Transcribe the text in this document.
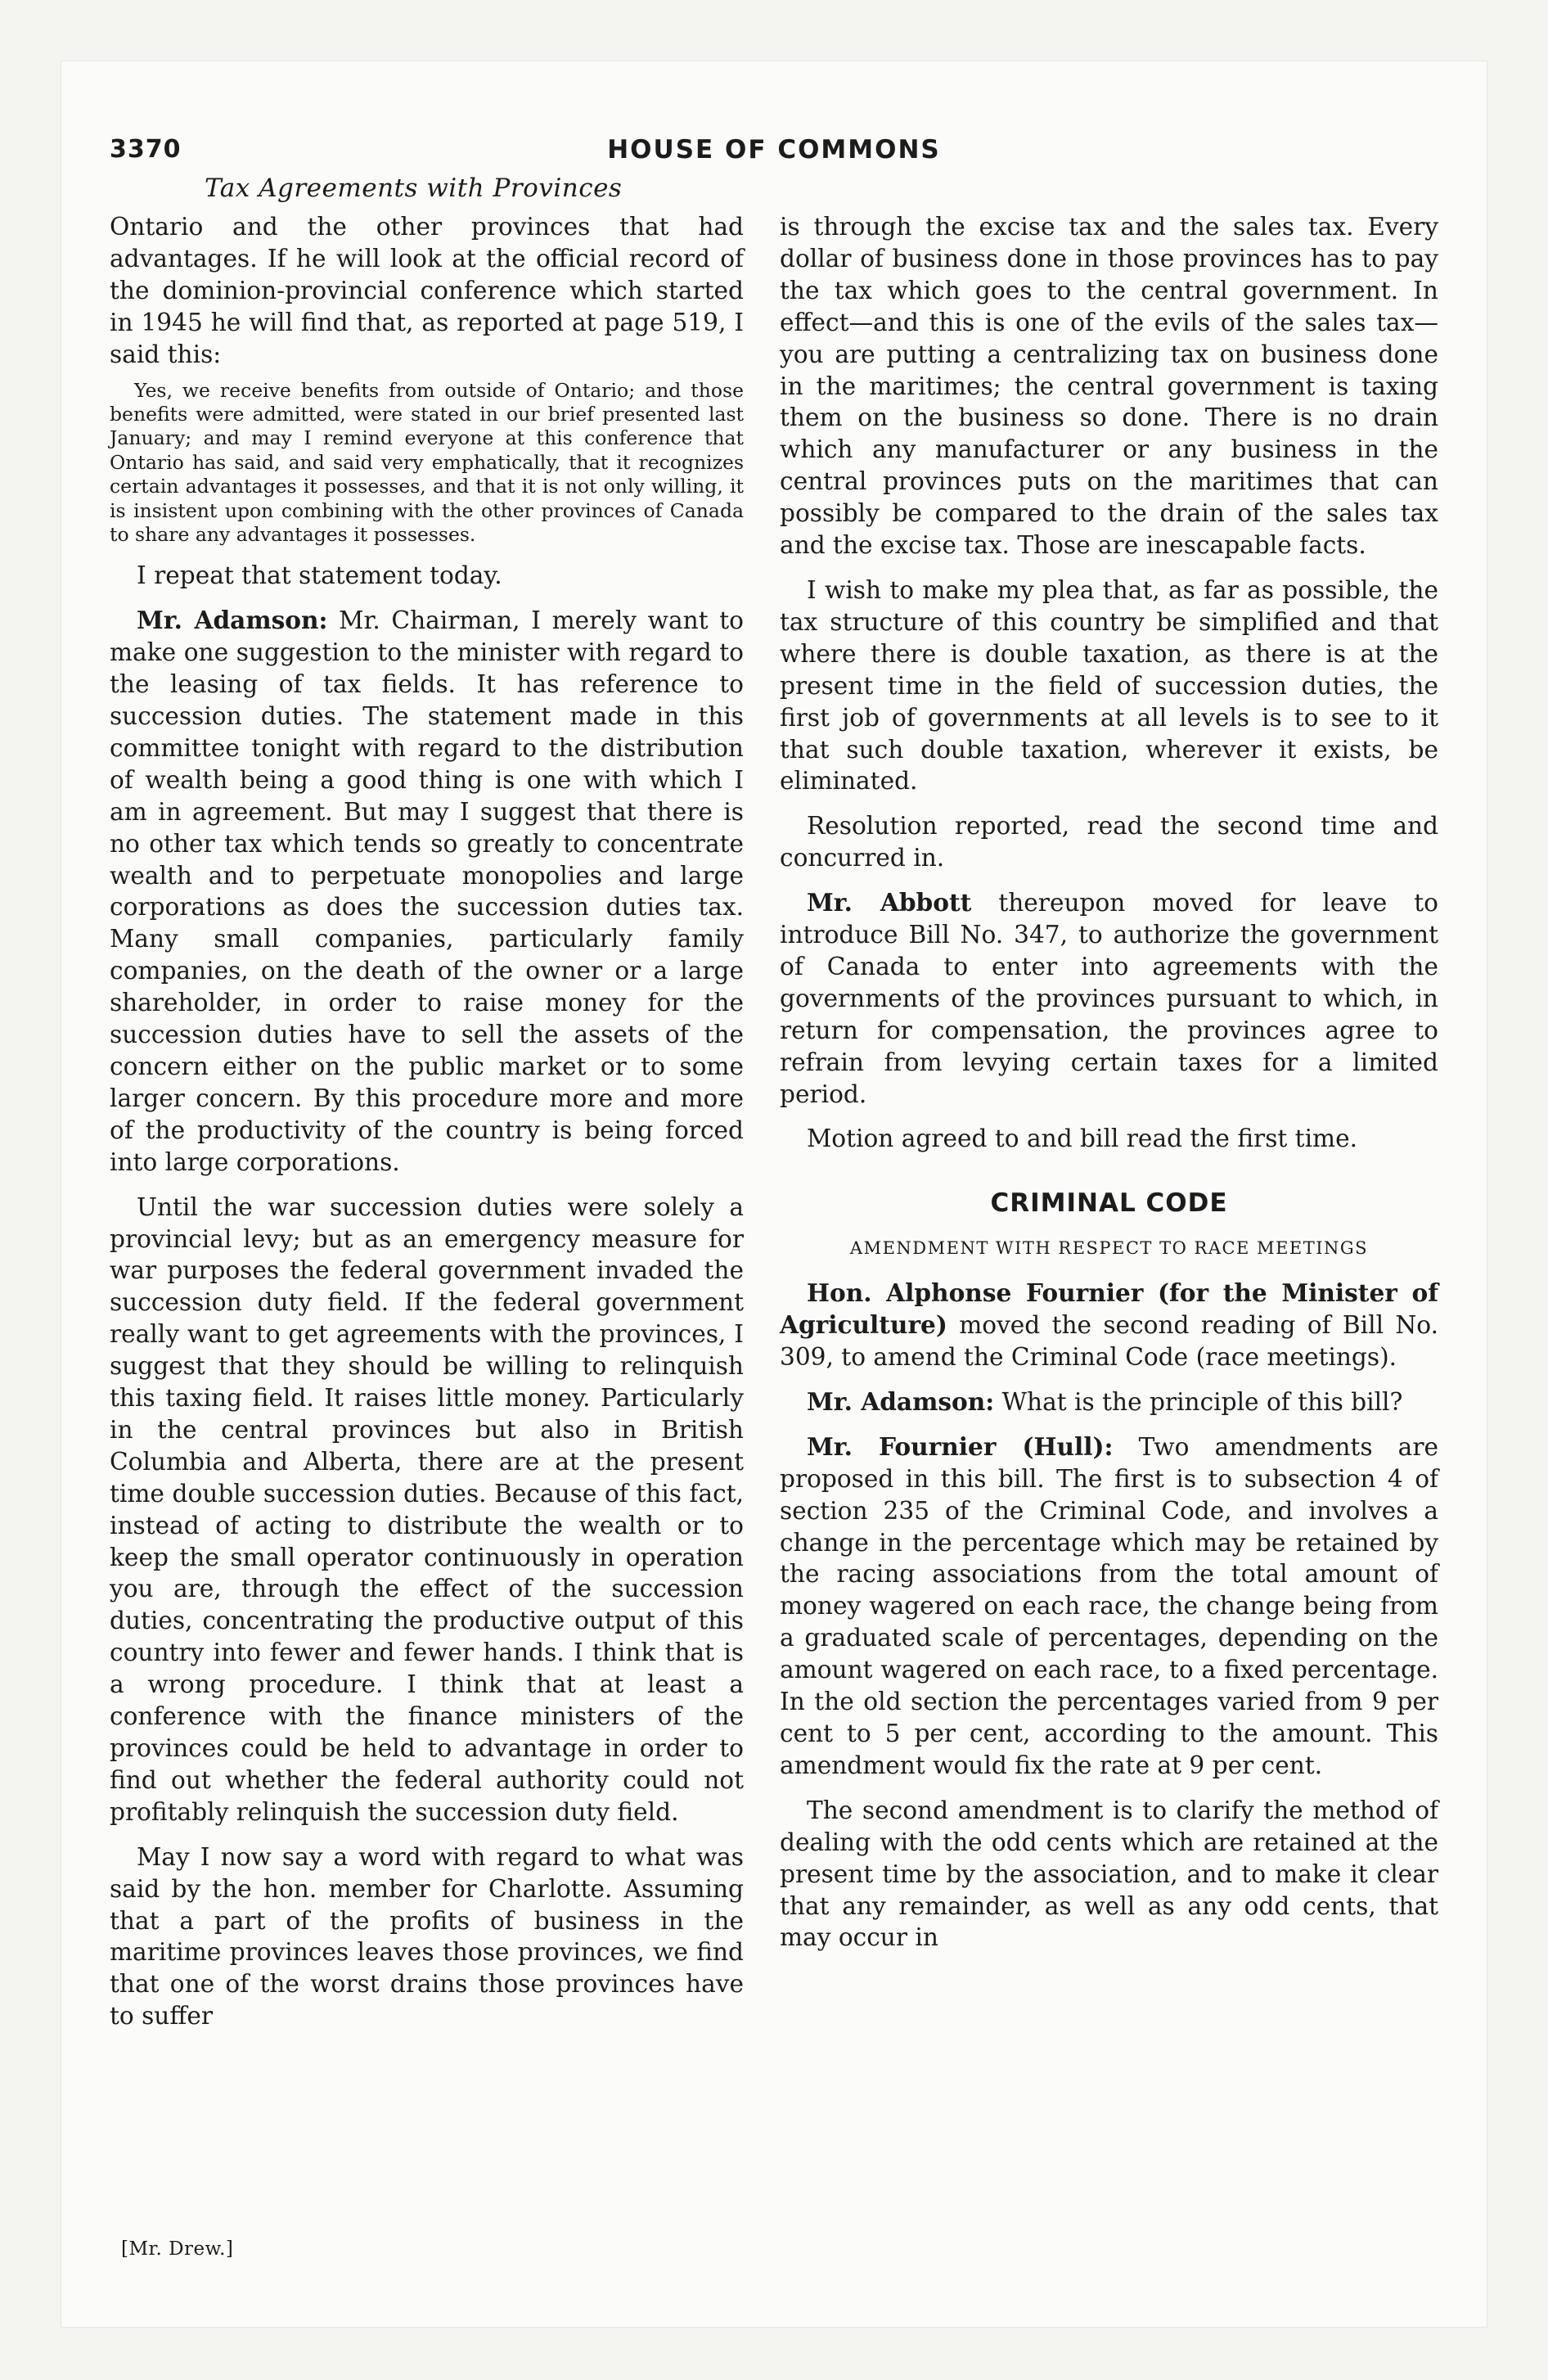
3370	HOUSE OF COMMONS
Tax Agreements with Provinces

Ontario and the other provinces that had advantages. If he will look at the official record of the dominion-provincial conference which started in 1945 he will find that, as reported at page 519, I said this:

Yes, we receive benefits from outside of Ontario; and those benefits were admitted, were stated in our brief presented last January; and may I remind everyone at this conference that Ontario has said, and said very emphatically, that it recognizes certain advantages it possesses, and that it is not only willing, it is insistent upon combining with the other provinces of Canada to share any advantages it possesses.

I repeat that statement today.

Mr. Adamson: Mr. Chairman, I merely want to make one suggestion to the minister with regard to the leasing of tax fields. It has reference to succession duties. The statement made in this committee tonight with regard to the distribution of wealth being a good thing is one with which I am in agreement. But may I suggest that there is no other tax which tends so greatly to concentrate wealth and to perpetuate monopolies and large corporations as does the succession duties tax. Many small companies, particularly family companies, on the death of the owner or a large shareholder, in order to raise money for the succession duties have to sell the assets of the concern either on the public market or to some larger concern. By this procedure more and more of the productivity of the country is being forced into large corporations.

Until the war succession duties were solely a provincial levy; but as an emergency measure for war purposes the federal government invaded the succession duty field. If the federal government really want to get agreements with the provinces, I suggest that they should be willing to relinquish this taxing field. It raises little money. Particularly in the central provinces but also in British Columbia and Alberta, there are at the present time double succession duties. Because of this fact, instead of acting to distribute the wealth or to keep the small operator continuously in operation you are, through the effect of the succession duties, concentrating the productive output of this country into fewer and fewer hands. I think that is a wrong procedure. I think that at least a conference with the finance ministers of the provinces could be held to advantage in order to find out whether the federal authority could not profitably relinquish the succession duty field.

May I now say a word with regard to what was said by the hon. member for Charlotte. Assuming that a part of the profits of business in the maritime provinces leaves those provinces, we find that one of the worst drains those provinces have to suffer

is through the excise tax and the sales tax. Every dollar of business done in those provinces has to pay the tax which goes to the central government. In effect—and this is one of the evils of the sales tax—you are putting a centralizing tax on business done in the maritimes; the central government is taxing them on the business so done. There is no drain which any manufacturer or any business in the central provinces puts on the maritimes that can possibly be compared to the drain of the sales tax and the excise tax. Those are inescapable facts.

I wish to make my plea that, as far as possible, the tax structure of this country be simplified and that where there is double taxation, as there is at the present time in the field of succession duties, the first job of governments at all levels is to see to it that such double taxation, wherever it exists, be eliminated.

Resolution reported, read the second time and concurred in.

Mr. Abbott thereupon moved for leave to introduce Bill No. 347, to authorize the government of Canada to enter into agreements with the governments of the provinces pursuant to which, in return for compensation, the provinces agree to refrain from levying certain taxes for a limited period.

Motion agreed to and bill read the first time.

CRIMINAL CODE
AMENDMENT WITH RESPECT TO RACE MEETINGS

Hon. Alphonse Fournier (for the Minister of Agriculture) moved the second reading of Bill No. 309, to amend the Criminal Code (race meetings).

Mr. Adamson: What is the principle of this bill?

Mr. Fournier (Hull): Two amendments are proposed in this bill. The first is to subsection 4 of section 235 of the Criminal Code, and involves a change in the percentage which may be retained by the racing associations from the total amount of money wagered on each race, the change being from a graduated scale of percentages, depending on the amount wagered on each race, to a fixed percentage. In the old section the percentages varied from 9 per cent to 5 per cent, according to the amount. This amendment would fix the rate at 9 per cent.

The second amendment is to clarify the method of dealing with the odd cents which are retained at the present time by the association, and to make it clear that any remainder, as well as any odd cents, that may occur in

[Mr. Drew.]
